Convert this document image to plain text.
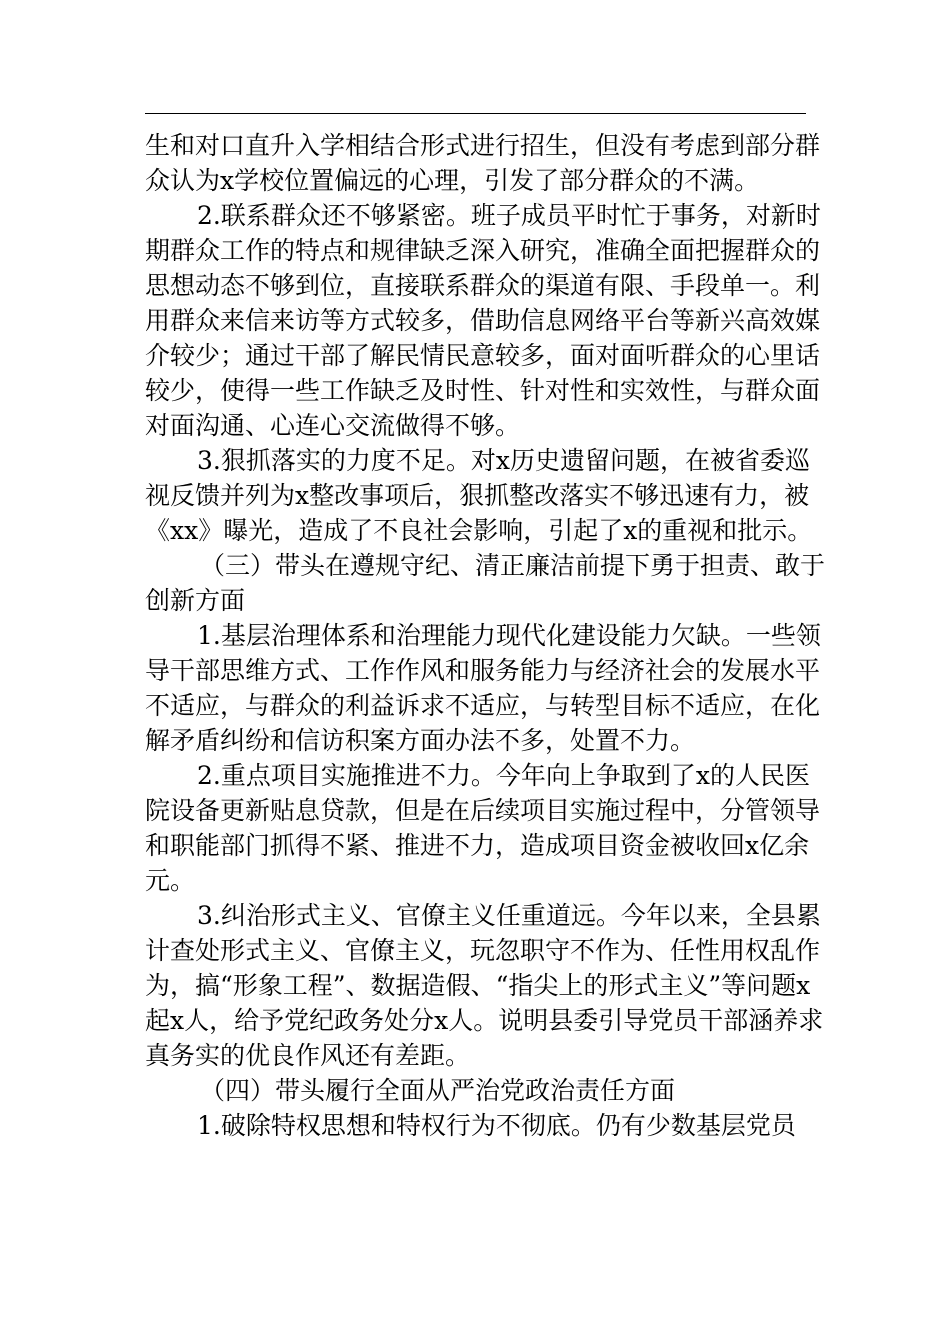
生和对口直升入学相结合形式进行招生，但没有考虑到部分群众认为x学校位置偏远的心理，引发了部分群众的不满。

2.联系群众还不够紧密。班子成员平时忙于事务，对新时期群众工作的特点和规律缺乏深入研究，准确全面把握群众的思想动态不够到位，直接联系群众的渠道有限、手段单一。利用群众来信来访等方式较多，借助信息网络平台等新兴高效媒介较少；通过干部了解民情民意较多，面对面听群众的心里话较少，使得一些工作缺乏及时性、针对性和实效性，与群众面对面沟通、心连心交流做得不够。

3.狠抓落实的力度不足。对x历史遗留问题，在被省委巡视反馈并列为x整改事项后，狠抓整改落实不够迅速有力，被《xx》曝光，造成了不良社会影响，引起了x的重视和批示。

（三）带头在遵规守纪、清正廉洁前提下勇于担责、敢于创新方面

1.基层治理体系和治理能力现代化建设能力欠缺。一些领导干部思维方式、工作作风和服务能力与经济社会的发展水平不适应，与群众的利益诉求不适应，与转型目标不适应，在化解矛盾纠纷和信访积案方面办法不多，处置不力。

2.重点项目实施推进不力。今年向上争取到了x的人民医院设备更新贴息贷款，但是在后续项目实施过程中，分管领导和职能部门抓得不紧、推进不力，造成项目资金被收回x亿余元。

3.纠治形式主义、官僚主义任重道远。今年以来，全县累计查处形式主义、官僚主义，玩忽职守不作为、任性用权乱作为，搞“形象工程”、数据造假、“指尖上的形式主义”等问题x起x人，给予党纪政务处分x人。说明县委引导党员干部涵养求真务实的优良作风还有差距。

（四）带头履行全面从严治党政治责任方面

1.破除特权思想和特权行为不彻底。仍有少数基层党员
